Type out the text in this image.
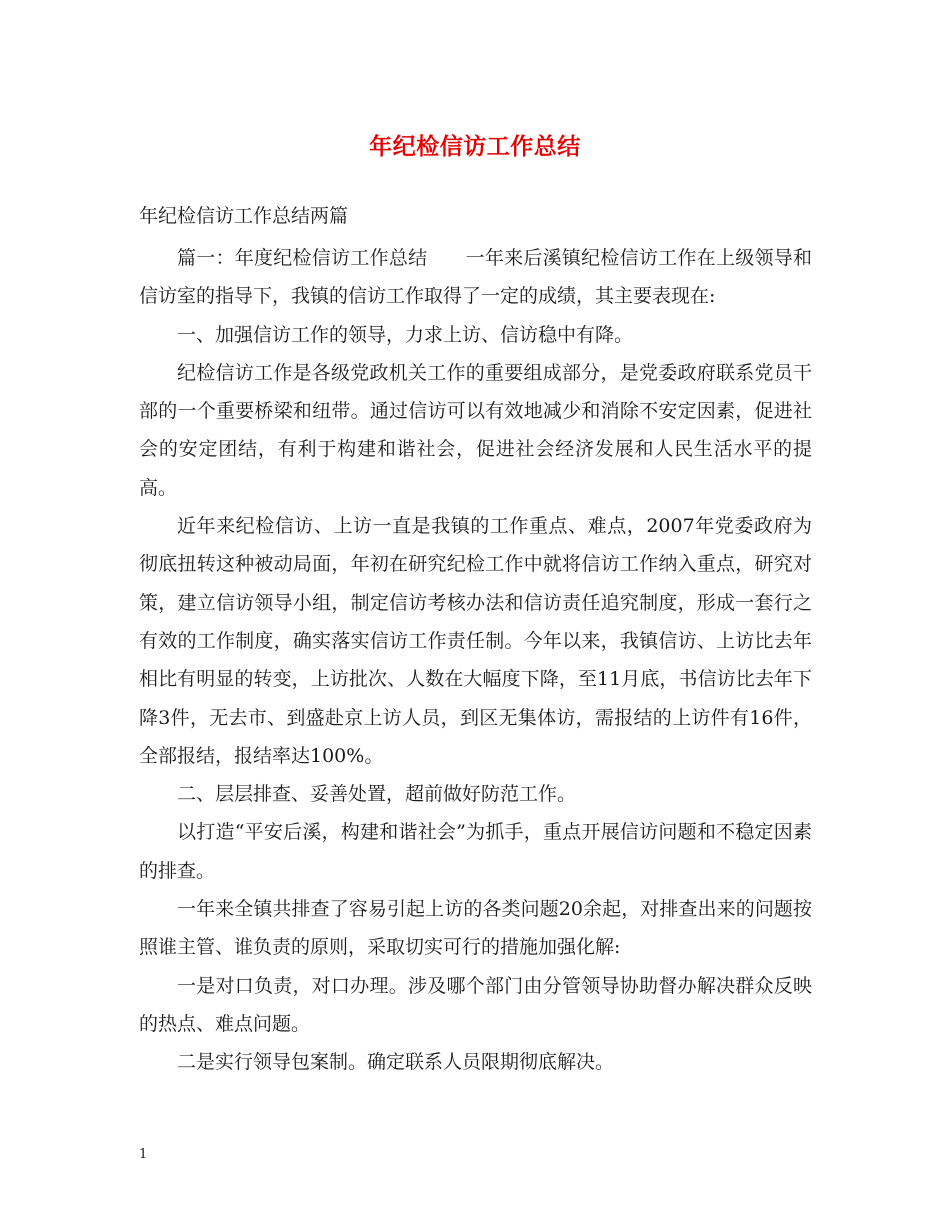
年纪检信访工作总结
年纪检信访工作总结两篇

篇一：年度纪检信访工作总结 一年来后溪镇纪检信访工作在上级领导和信访室的指导下，我镇的信访工作取得了一定的成绩，其主要表现在:

一、加强信访工作的领导，力求上访、信访稳中有降。

纪检信访工作是各级党政机关工作的重要组成部分，是党委政府联系党员干部的一个重要桥梁和纽带。通过信访可以有效地减少和消除不安定因素，促进社会的安定团结，有利于构建和谐社会，促进社会经济发展和人民生活水平的提高。

近年来纪检信访、上访一直是我镇的工作重点、难点，2007年党委政府为彻底扭转这种被动局面，年初在研究纪检工作中就将信访工作纳入重点，研究对策，建立信访领导小组，制定信访考核办法和信访责任追究制度，形成一套行之有效的工作制度，确实落实信访工作责任制。今年以来，我镇信访、上访比去年相比有明显的转变，上访批次、人数在大幅度下降，至11月底，书信访比去年下降3件，无去市、到盛赴京上访人员，到区无集体访，需报结的上访件有16件，全部报结，报结率达100%。

二、层层排查、妥善处置，超前做好防范工作。

以打造“平安后溪，构建和谐社会”为抓手，重点开展信访问题和不稳定因素的排查。

一年来全镇共排查了容易引起上访的各类问题20余起，对排查出来的问题按照谁主管、谁负责的原则，采取切实可行的措施加强化解:

一是对口负责，对口办理。涉及哪个部门由分管领导协助督办解决群众反映的热点、难点问题。

二是实行领导包案制。确定联系人员限期彻底解决。

1
